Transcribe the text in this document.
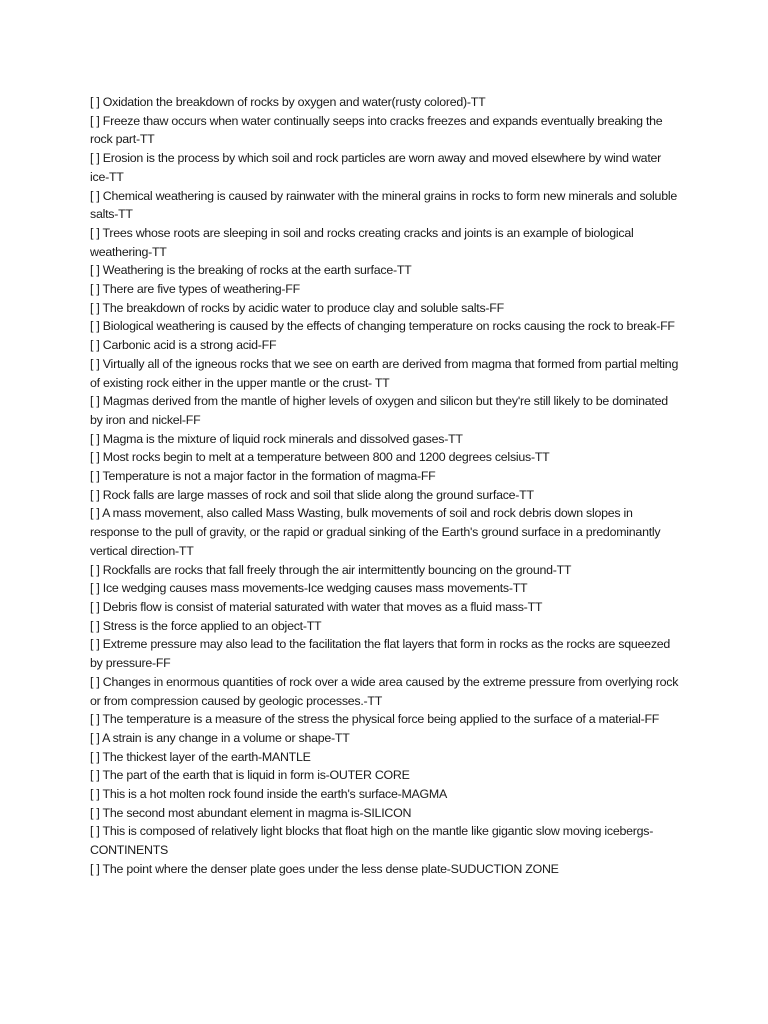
[ ] Oxidation the breakdown of rocks by oxygen and water(rusty colored)-TT

[ ] Freeze thaw occurs when water continually seeps into cracks freezes and expands eventually breaking the rock part-TT

[ ] Erosion is the process by which soil and rock particles are worn away and moved elsewhere by wind water ice-TT

[ ] Chemical weathering is caused by rainwater with the mineral grains in rocks to form new minerals and soluble salts-TT

[ ] Trees whose roots are sleeping in soil and rocks creating cracks and joints is an example of biological weathering-TT

[ ] Weathering is the breaking of rocks at the earth surface-TT

[ ] There are five types of weathering-FF

[ ] The breakdown of rocks by acidic water to produce clay and soluble salts-FF

[ ] Biological weathering is caused by the effects of changing temperature on rocks causing the rock to break-FF

[ ] Carbonic acid is a strong acid-FF

[ ] Virtually all of the igneous rocks that we see on earth are derived from magma that formed from partial melting of existing rock either in the upper mantle or the crust- TT

[ ] Magmas derived from the mantle of higher levels of oxygen and silicon but they're still likely to be dominated by iron and nickel-FF

[ ] Magma is the mixture of liquid rock minerals and dissolved gases-TT

[ ] Most rocks begin to melt at a temperature between 800 and 1200 degrees celsius-TT

[ ] Temperature is not a major factor in the formation of magma-FF

[ ] Rock falls are large masses of rock and soil that slide along the ground surface-TT

[ ] A mass movement, also called Mass Wasting, bulk movements of soil and rock debris down slopes in response to the pull of gravity, or the rapid or gradual sinking of the Earth's ground surface in a predominantly vertical direction-TT

[ ] Rockfalls are rocks that fall freely through the air intermittently bouncing on the ground-TT

[ ] Ice wedging causes mass movements-Ice wedging causes mass movements-TT

[ ] Debris flow is consist of material saturated with water that moves as a fluid mass-TT

[ ] Stress is the force applied to an object-TT

[ ] Extreme pressure may also lead to the facilitation the flat layers that form in rocks as the rocks are squeezed by pressure-FF

[ ] Changes in enormous quantities of rock over a wide area caused by the extreme pressure from overlying rock or from compression caused by geologic processes.-TT

[ ] The temperature is a measure of the stress the physical force being applied to the surface of a material-FF

[ ] A strain is any change in a volume or shape-TT

[ ] The thickest layer of the earth-MANTLE

[ ] The part of the earth that is liquid in form is-OUTER CORE

[ ] This is a hot molten rock found inside the earth's surface-MAGMA

[ ] The second most abundant element in magma is-SILICON

[ ] This is composed of relatively light blocks that float high on the mantle like gigantic slow moving icebergs-CONTINENTS

[ ] The point where the denser plate goes under the less dense plate-SUDUCTION ZONE
